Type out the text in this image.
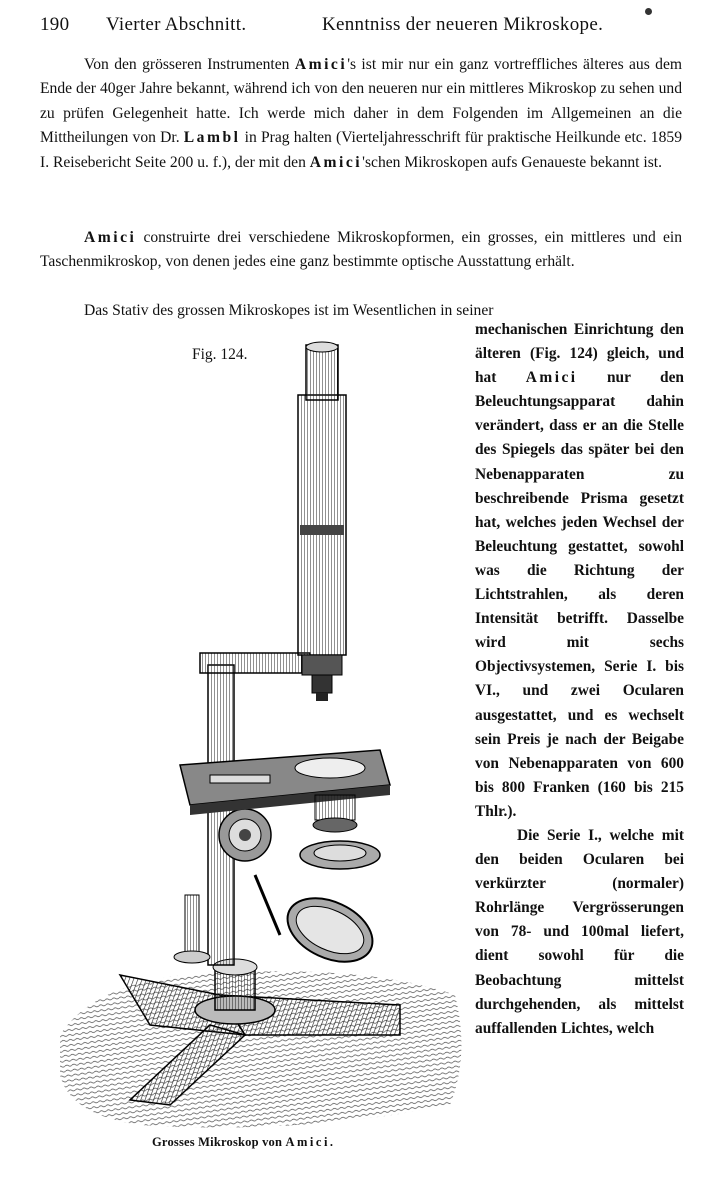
190 Vierter Abschnitt.	Kenntniss der neueren Mikroskope.
Von den grösseren Instrumenten Amici's ist mir nur ein ganz vortreffliches älteres aus dem Ende der 40ger Jahre bekannt, während ich von den neueren nur ein mittleres Mikroskop zu sehen und zu prüfen Gelegenheit hatte. Ich werde mich daher in dem Folgenden im Allgemeinen an die Mittheilungen von Dr. Lambl in Prag halten (Vierteljahresschrift für praktische Heilkunde etc. 1859 I. Reisebericht Seite 200 u. f.), der mit den Amici'schen Mikroskopen aufs Genaueste bekannt ist.
Amici construirte drei verschiedene Mikroskopformen, ein grosses, ein mittleres und ein Taschenmikroskop, von denen jedes eine ganz bestimmte optische Ausstattung erhält.
Das Stativ des grossen Mikroskopes ist im Wesentlichen in seiner

mechanischen Einrichtung den älteren (Fig. 124) gleich, und hat Amici nur den Beleuchtungsapparat dahin verändert, dass er an die Stelle des Spiegels das später bei den Nebenapparaten zu beschreibende Prisma gesetzt hat, welches jeden Wechsel der Beleuchtung gestattet, sowohl was die Richtung der Lichtstrahlen, als deren Intensität betrifft. Dasselbe wird mit sechs Objectivsystemen, Serie I. bis VI., und zwei Ocularen ausgestattet, und es wechselt sein Preis je nach der Beigabe von Nebenapparaten von 600 bis 800 Franken (160 bis 215 Thlr.).

Die Serie I., welche mit den beiden Ocularen bei verkürzter (normaler) Rohrlänge Vergrösserungen von 78- und 100mal liefert, dient sowohl für die Beobachtung mittelst durchgehenden, als mittelst auffallenden Lichtes, welch

Fig. 124.
Grosses Mikroskop von Amici.
